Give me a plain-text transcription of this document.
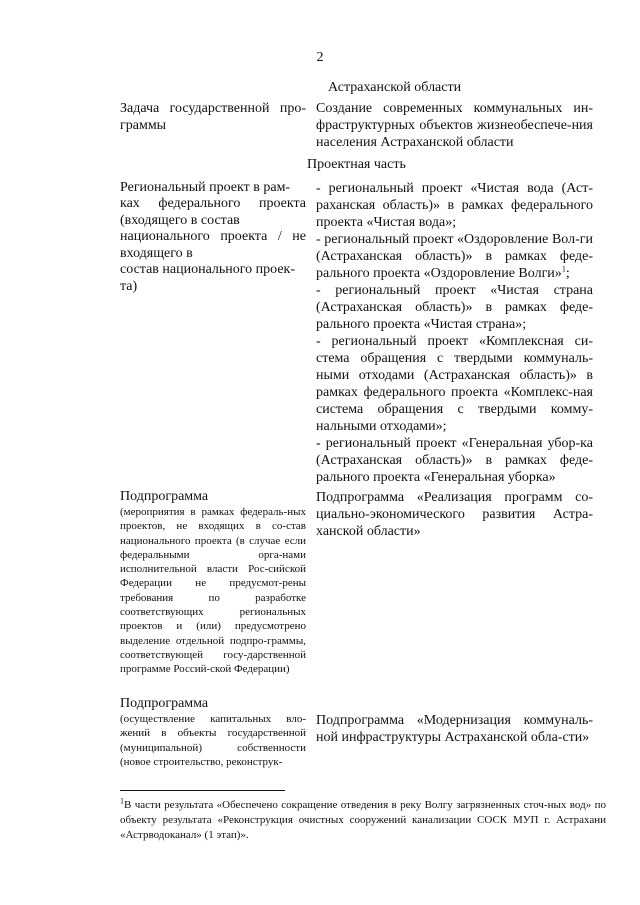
2
Астраханской области
Задача государственной про-граммы
Создание современных коммунальных ин-фраструктурных объектов жизнеобеспече-ния населения Астраханской области
Проектная часть
Региональный проект в рам-
ках федерального проекта
(входящего в состав
национального проекта / не
входящего в
состав национального проек-
та)
- региональный проект «Чистая вода (Аст-раханская область)» в рамках федерального проекта «Чистая вода»;
- региональный проект «Оздоровление Вол-ги (Астраханская область)» в рамках феде-рального проекта «Оздоровление Волги»$^1$;
- региональный проект «Чистая страна (Астраханская область)» в рамках феде-рального проекта «Чистая страна»;
- региональный проект «Комплексная си-стема обращения с твердыми коммуналь-ными отходами (Астраханская область)» в рамках федерального проекта «Комплекс-ная система обращения с твердыми комму-нальными отходами»;
- региональный проект «Генеральная убор-ка (Астраханская область)» в рамках феде-рального проекта «Генеральная уборка»
Подпрограмма
(мероприятия в рамках федераль-ных проектов, не входящих в со-став национального проекта (в случае если федеральными орга-нами исполнительной власти Рос-сийской Федерации не предусмот-рены требования по разработке соответствующих региональных проектов и (или) предусмотрено выделение отдельной подпро-граммы, соответствующей госу-дарственной программе Россий-ской Федерации)
Подпрограмма «Реализация программ со-циально-экономического развития Астра-ханской области»
Подпрограмма
(осуществление капитальных вло-жений в объекты государственной (муниципальной) собственности (новое строительство, реконструк-
Подпрограмма «Модернизация коммуналь-ной инфраструктуры Астраханской обла-сти»
$^1$В части результата «Обеспечено сокращение отведения в реку Волгу загрязненных сточ-ных вод» по объекту результата «Реконструкция очистных сооружений канализации СОСК МУП г. Астрахани «Астрводоканал» (1 этап)».
